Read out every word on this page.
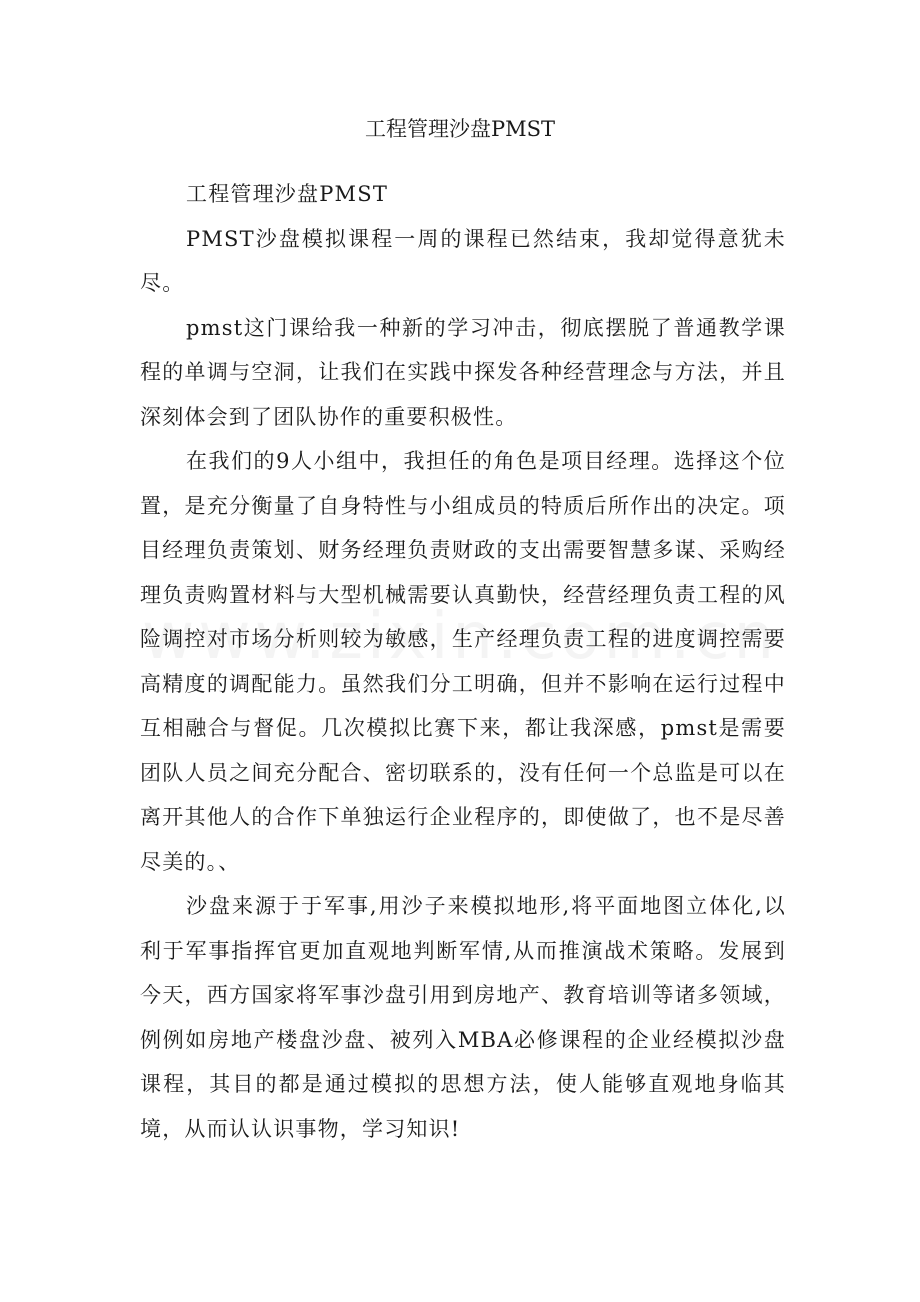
工程管理沙盘PMST

工程管理沙盘PMST

PMST沙盘模拟课程一周的课程已然结束，我却觉得意犹未尽。

pmst这门课给我一种新的学习冲击，彻底摆脱了普通教学课程的单调与空洞，让我们在实践中探发各种经营理念与方法，并且深刻体会到了团队协作的重要积极性。

在我们的9人小组中，我担任的角色是项目经理。选择这个位置，是充分衡量了自身特性与小组成员的特质后所作出的决定。项目经理负责策划、财务经理负责财政的支出需要智慧多谋、采购经理负责购置材料与大型机械需要认真勤快，经营经理负责工程的风险调控对市场分析则较为敏感，生产经理负责工程的进度调控需要高精度的调配能力。虽然我们分工明确，但并不影响在运行过程中互相融合与督促。几次模拟比赛下来，都让我深感，pmst是需要团队人员之间充分配合、密切联系的，没有任何一个总监是可以在离开其他人的合作下单独运行企业程序的，即使做了，也不是尽善尽美的。、

沙盘来源于于军事,用沙子来模拟地形,将平面地图立体化,以利于军事指挥官更加直观地判断军情,从而推演战术策略。发展到今天，西方国家将军事沙盘引用到房地产、教育培训等诸多领域，例例如房地产楼盘沙盘、被列入MBA必修课程的企业经模拟沙盘课程，其目的都是通过模拟的思想方法，使人能够直观地身临其境，从而认认识事物，学习知识!
